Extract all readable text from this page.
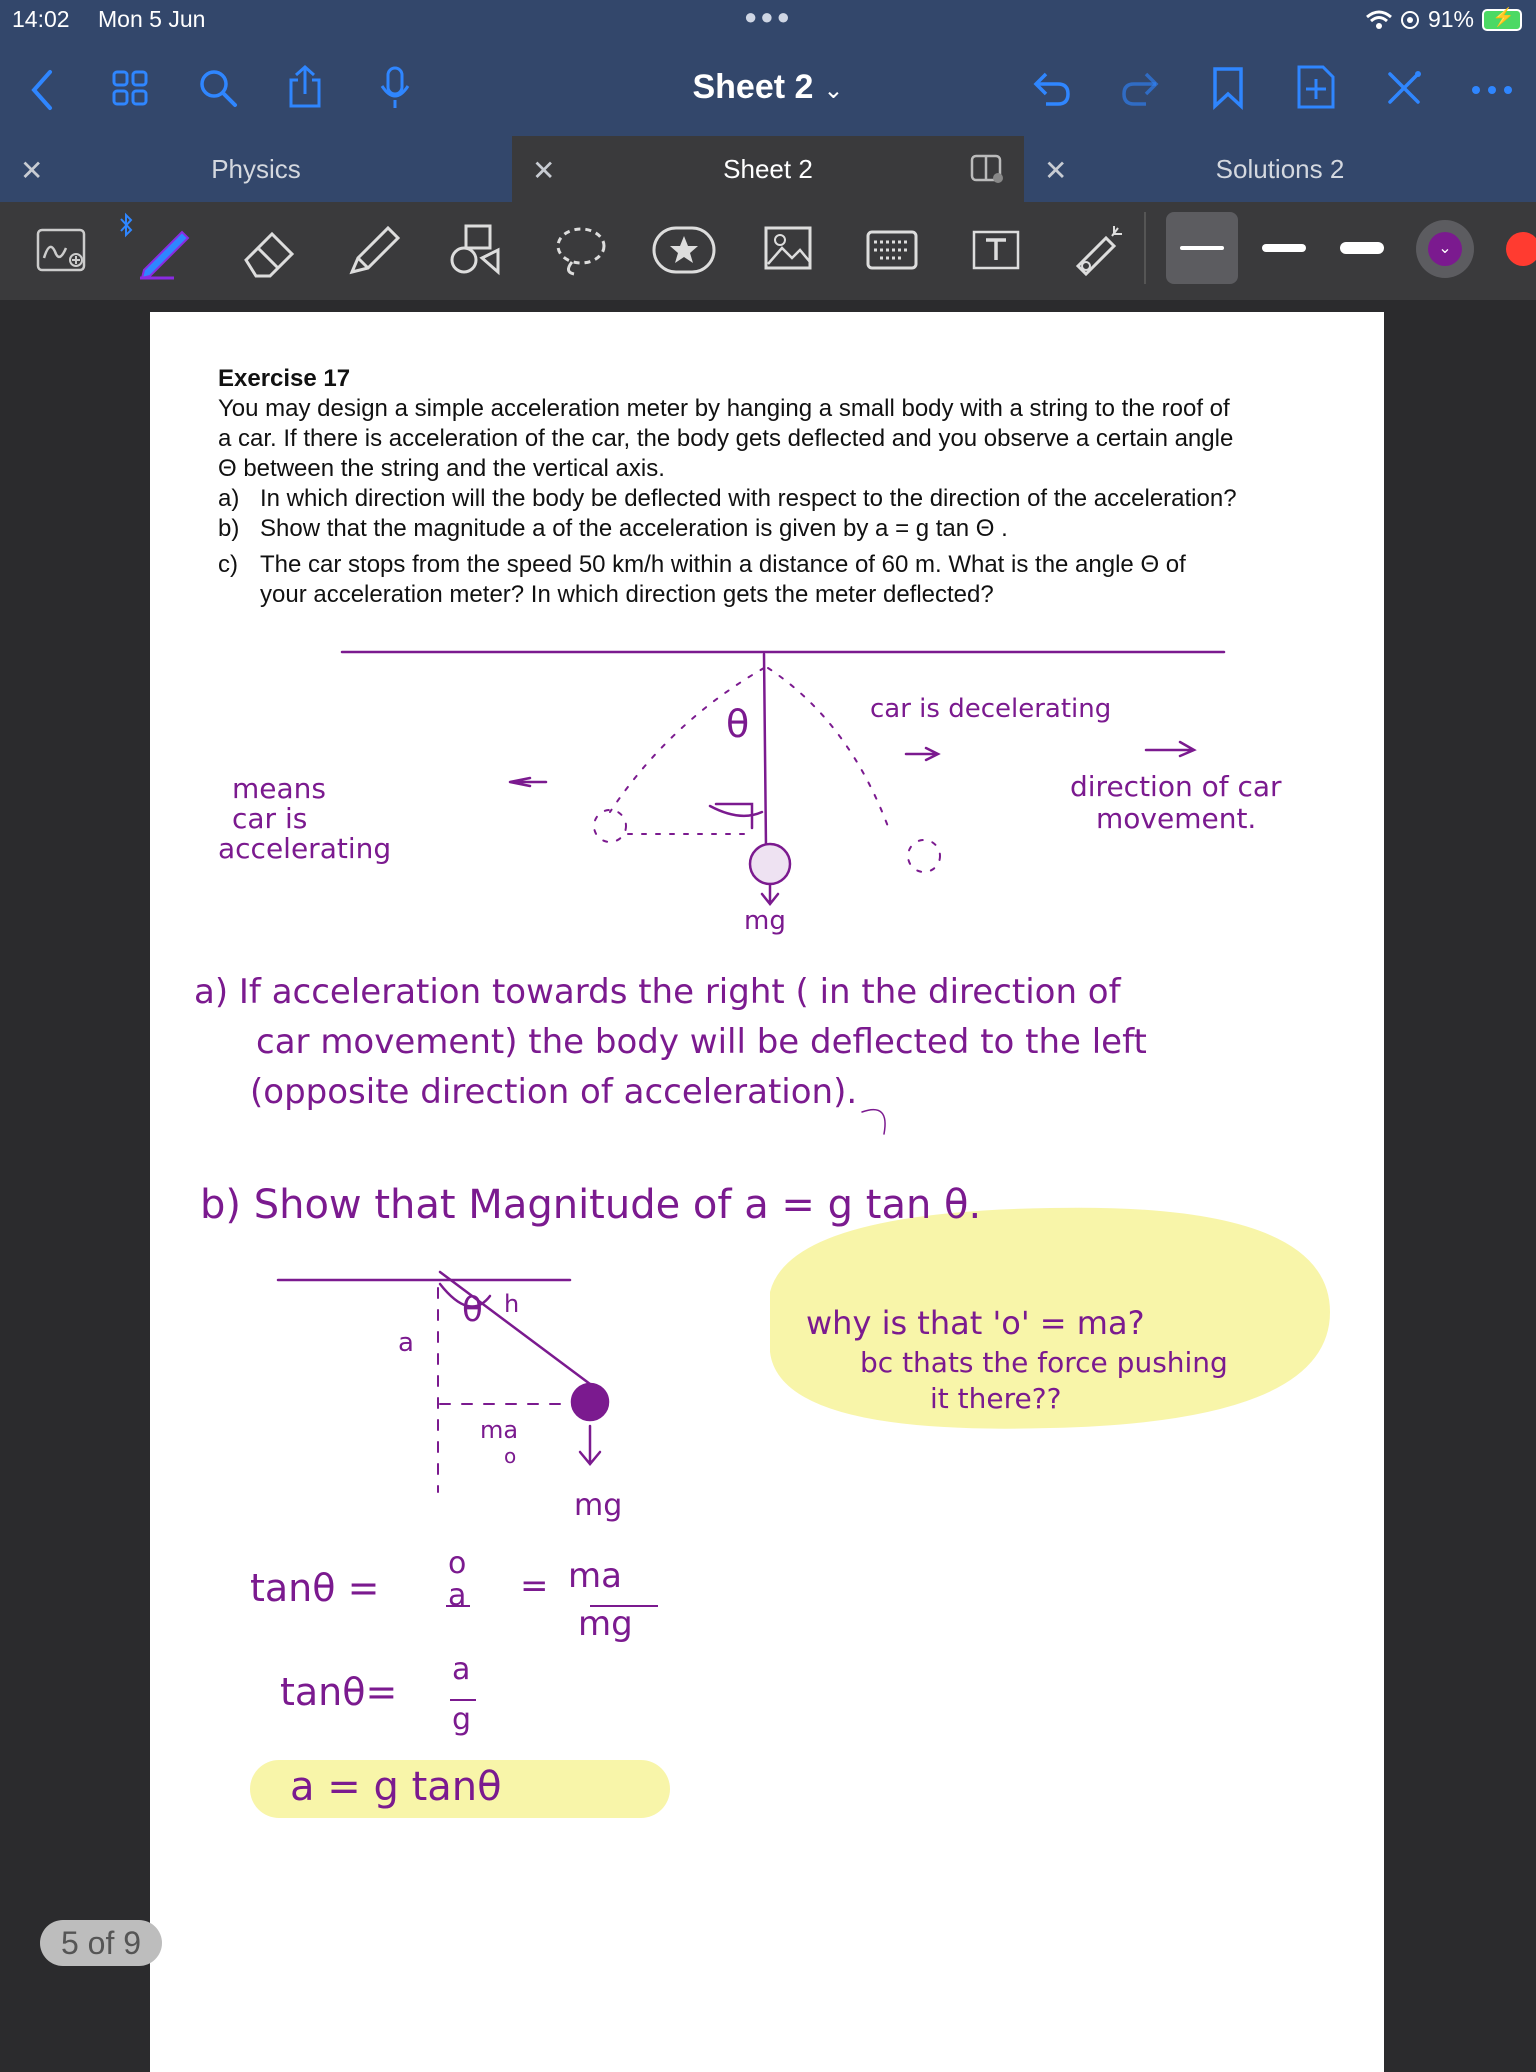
14:02 Mon 5 Jun	●●●	91% ⚡
Sheet 2 ⌄
✕	Physics	✕	Sheet 2	✕	Solutions 2
⌄
Exercise 17
You may design a simple acceleration meter by hanging a small body with a string to the roof of
a car. If there is acceleration of the car, the body gets deflected and you observe a certain angle
Θ between the string and the vertical axis.
a) In which direction will the body be deflected with respect to the direction of the acceleration?
b) Show that the magnitude a of the acceleration is given by a = g tan Θ .
c) The car stops from the speed 50 km/h within a distance of 60 m. What is the angle Θ of
your acceleration meter? In which direction gets the meter deflected?
car is decelerating
θ
means
car is
accelerating
direction of car
movement.
mg
a) If acceleration towards the right ( in the direction of
car movement) the body will be deflected to the left
(opposite direction of acceleration).
b) Show that Magnitude of a = g tan θ.
h
a
θ
ma
o
mg
why is that 'o' = ma?
bc thats the force pushing
it there??
tanθ =
o
a = ma
mg
tanθ=
a
g
a = g tanθ
5 of 9
